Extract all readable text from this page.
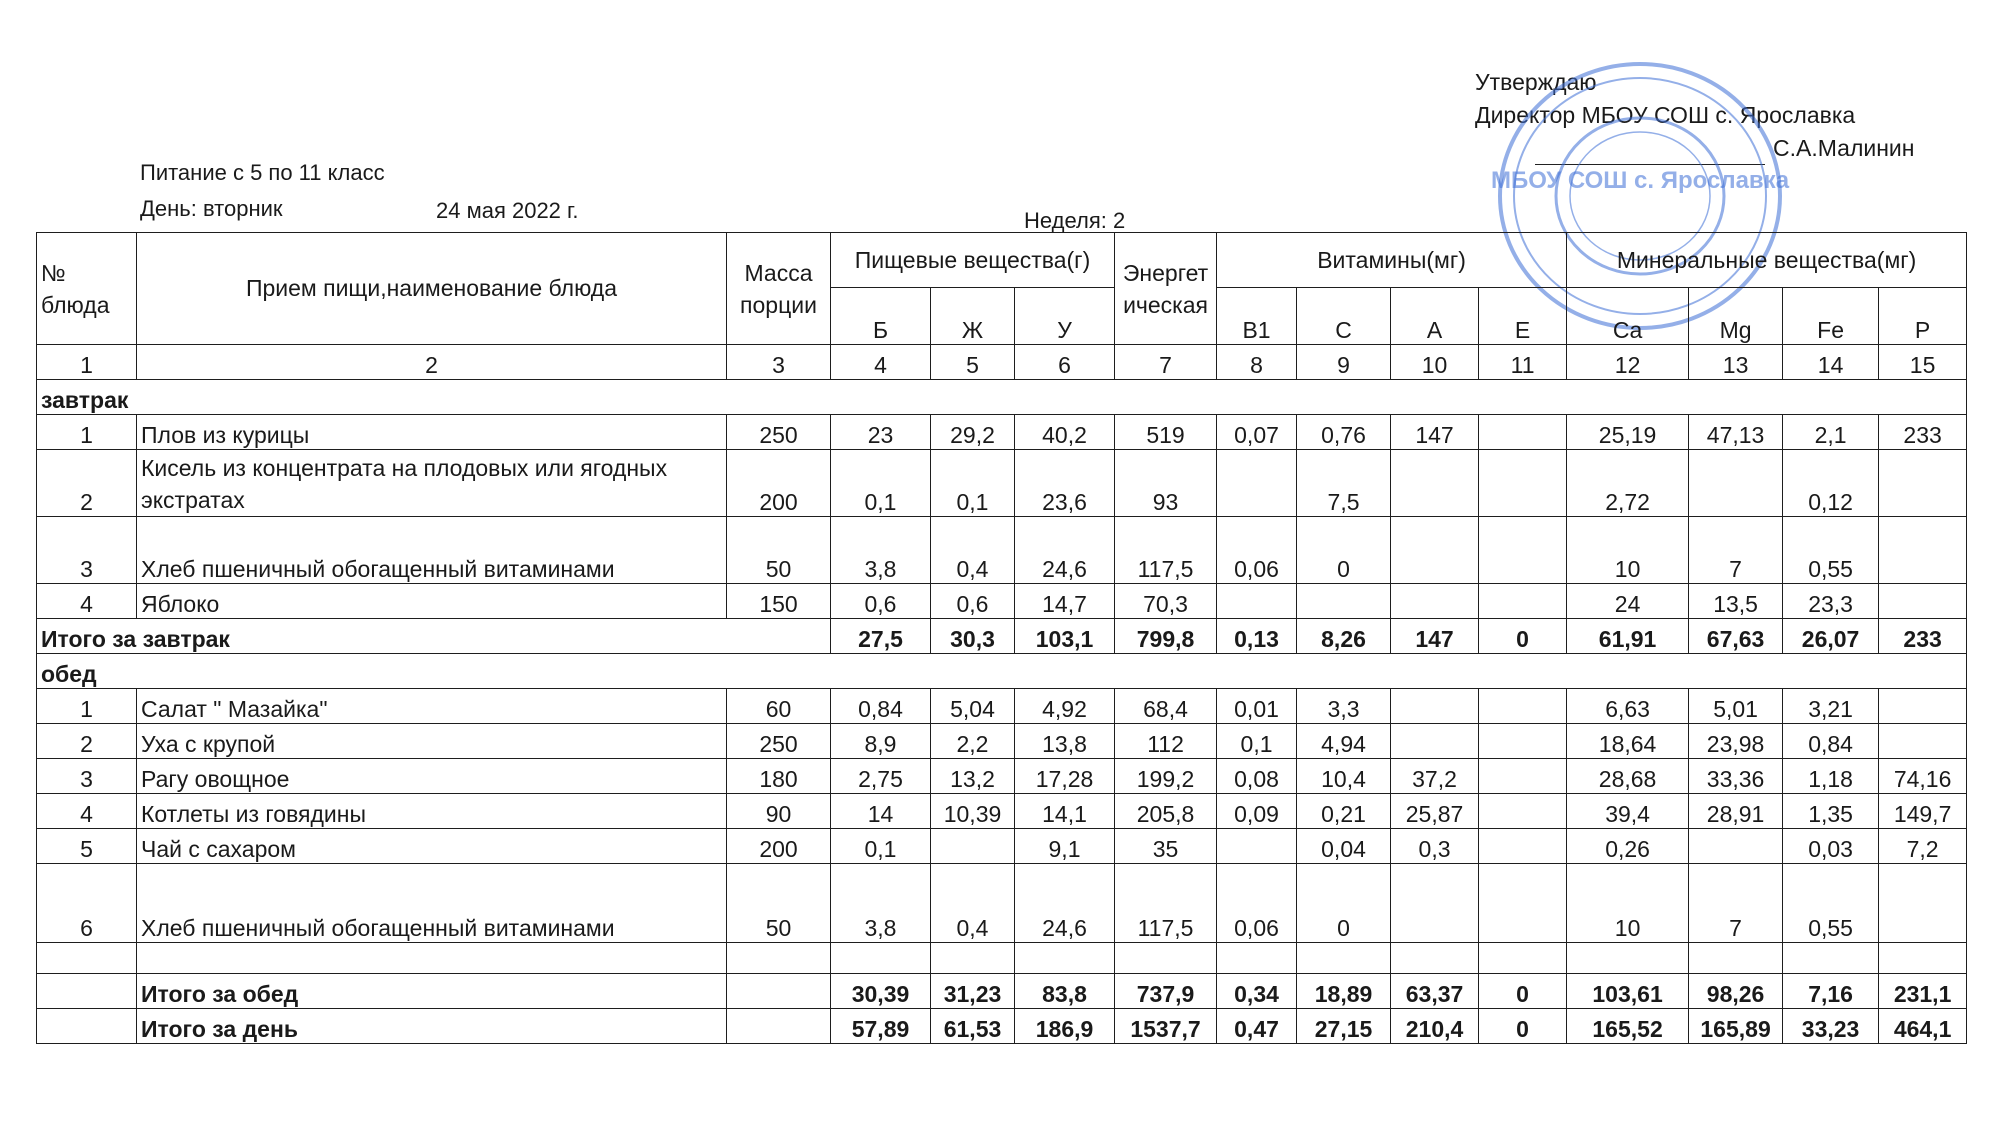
Утверждаю
Директор МБОУ СОШ с. Ярославка
С.А.Малинин
МБОУ СОШ с. Ярославка
Питание с 5 по 11 класс
День: вторник	24 мая 2022 г.	Неделя: 2
№ блюда	Прием пищи,наименование блюда	Масса порции	Пищевые вещества(г)			Энергетическая	Витамины(мг)				Минеральные вещества(мг)			
			Б	Ж	У		В1	С	А	Е	Ca	Mg	Fe	Р
1	2	3	4	5	6	7	8	9	10	11	12	13	14	15
завтрак														
1	Плов из курицы	250	23	29,2	40,2	519	0,07	0,76	147		25,19	47,13	2,1	233
2	Кисель из концентрата на плодовых или ягодных экстратах	200	0,1	0,1	23,6	93		7,5			2,72		0,12	
3	Хлеб пшеничный обогащенный витаминами	50	3,8	0,4	24,6	117,5	0,06	0			10	7	0,55	
4	Яблоко	150	0,6	0,6	14,7	70,3					24	13,5	23,3	
Итого за завтрак			27,5	30,3	103,1	799,8	0,13	8,26	147	0	61,91	67,63	26,07	233
обед														
1	Салат " Мазайка"	60	0,84	5,04	4,92	68,4	0,01	3,3			6,63	5,01	3,21	
2	Уха с крупой	250	8,9	2,2	13,8	112	0,1	4,94			18,64	23,98	0,84	
3	Рагу овощное	180	2,75	13,2	17,28	199,2	0,08	10,4	37,2		28,68	33,36	1,18	74,16
4	Котлеты из говядины	90	14	10,39	14,1	205,8	0,09	0,21	25,87		39,4	28,91	1,35	149,7
5	Чай с сахаром	200	0,1		9,1	35		0,04	0,3		0,26		0,03	7,2
6	Хлеб пшеничный обогащенный витаминами	50	3,8	0,4	24,6	117,5	0,06	0			10	7	0,55	

	Итого за обед		30,39	31,23	83,8	737,9	0,34	18,89	63,37	0	103,61	98,26	7,16	231,1
	Итого за день		57,89	61,53	186,9	1537,7	0,47	27,15	210,4	0	165,52	165,89	33,23	464,1
